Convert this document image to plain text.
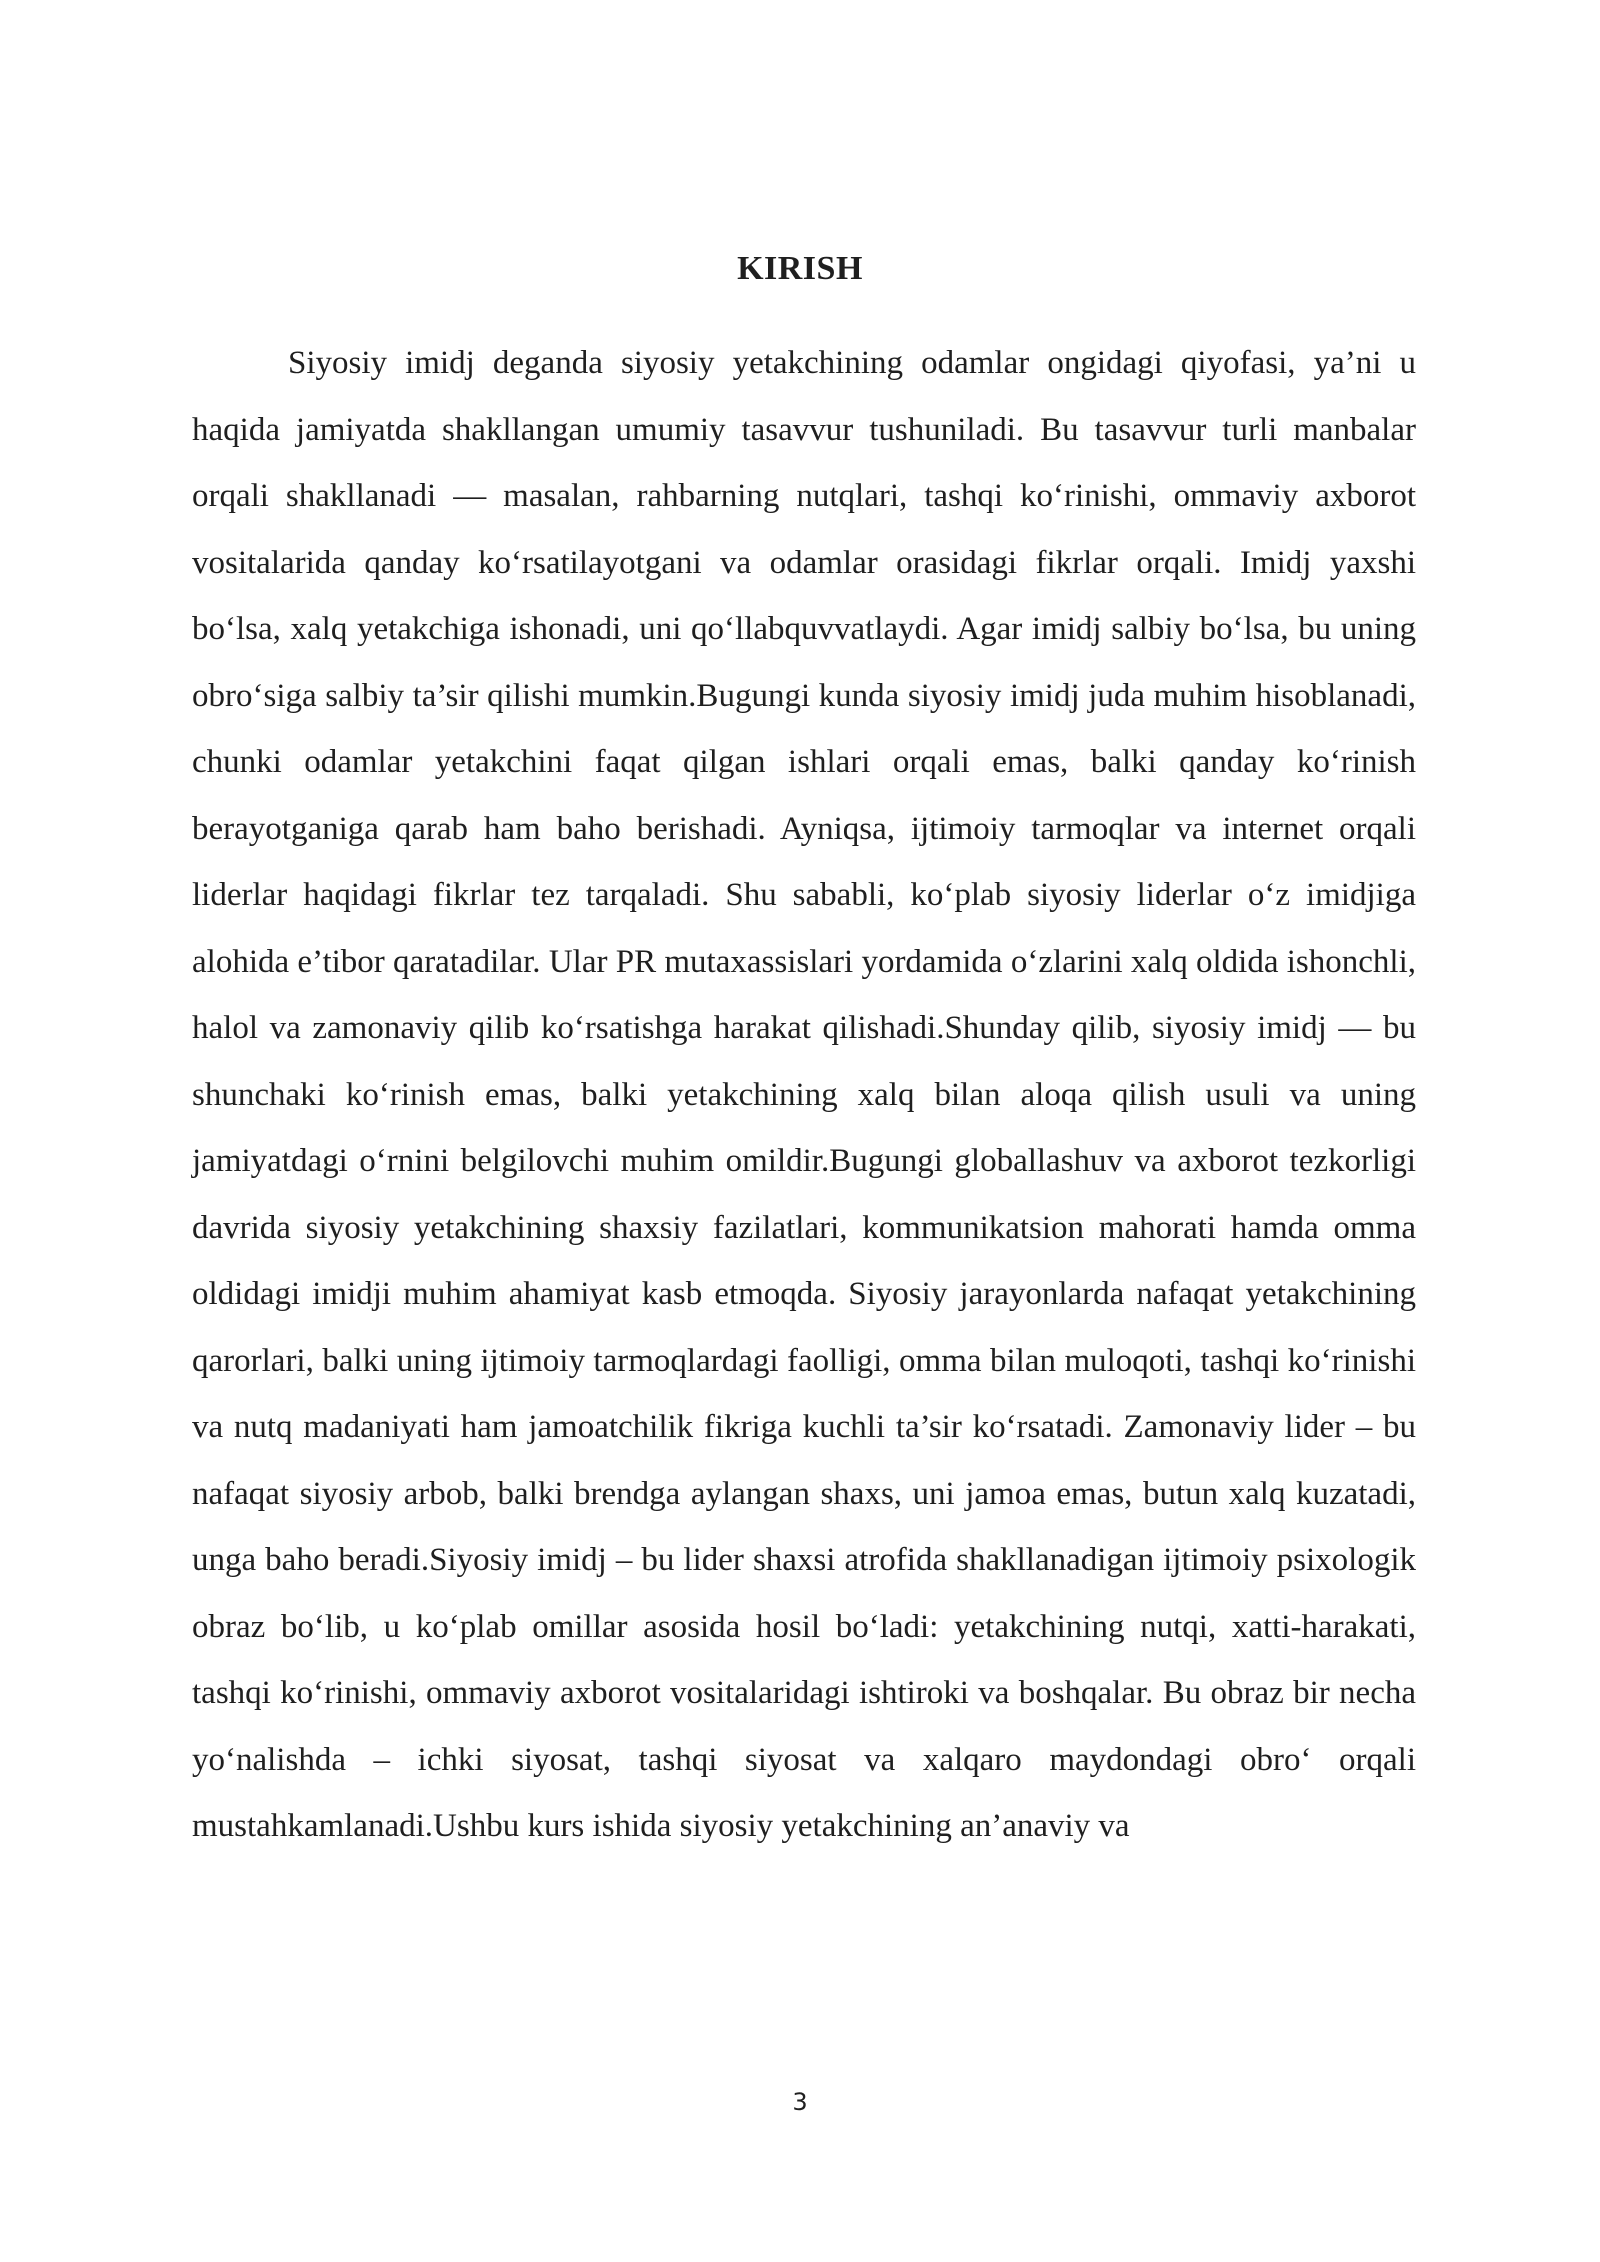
KIRISH

Siyosiy imidj deganda siyosiy yetakchining odamlar ongidagi qiyofasi, ya’ni u haqida jamiyatda shakllangan umumiy tasavvur tushuniladi. Bu tasavvur turli manbalar orqali shakllanadi — masalan, rahbarning nutqlari, tashqi ko‘rinishi, ommaviy axborot vositalarida qanday ko‘rsatilayotgani va odamlar orasidagi fikrlar orqali. Imidj yaxshi bo‘lsa, xalq yetakchiga ishonadi, uni qo‘llabquvvatlaydi. Agar imidj salbiy bo‘lsa, bu uning obro‘siga salbiy ta’sir qilishi mumkin.Bugungi kunda siyosiy imidj juda muhim hisoblanadi, chunki odamlar yetakchini faqat qilgan ishlari orqali emas, balki qanday ko‘rinish berayotganiga qarab ham baho berishadi. Ayniqsa, ijtimoiy tarmoqlar va internet orqali liderlar haqidagi fikrlar tez tarqaladi. Shu sababli, ko‘plab siyosiy liderlar o‘z imidjiga alohida e’tibor qaratadilar. Ular PR mutaxassislari yordamida o‘zlarini xalq oldida ishonchli, halol va zamonaviy qilib ko‘rsatishga harakat qilishadi.Shunday qilib, siyosiy imidj — bu shunchaki ko‘rinish emas, balki yetakchining xalq bilan aloqa qilish usuli va uning jamiyatdagi o‘rnini belgilovchi muhim omildir.Bugungi globallashuv va axborot tezkorligi davrida siyosiy yetakchining shaxsiy fazilatlari, kommunikatsion mahorati hamda omma oldidagi imidji muhim ahamiyat kasb etmoqda. Siyosiy jarayonlarda nafaqat yetakchining qarorlari, balki uning ijtimoiy tarmoqlardagi faolligi, omma bilan muloqoti, tashqi ko‘rinishi va nutq madaniyati ham jamoatchilik fikriga kuchli ta’sir ko‘rsatadi. Zamonaviy lider – bu nafaqat siyosiy arbob, balki brendga aylangan shaxs, uni jamoa emas, butun xalq kuzatadi, unga baho beradi.Siyosiy imidj – bu lider shaxsi atrofida shakllanadigan ijtimoiy psixologik obraz bo‘lib, u ko‘plab omillar asosida hosil bo‘ladi: yetakchining nutqi, xatti-harakati, tashqi ko‘rinishi, ommaviy axborot vositalaridagi ishtiroki va boshqalar. Bu obraz bir necha yo‘nalishda – ichki siyosat, tashqi siyosat va xalqaro maydondagi obro‘ orqali mustahkamlanadi.Ushbu kurs ishida siyosiy yetakchining an’anaviy va

3
